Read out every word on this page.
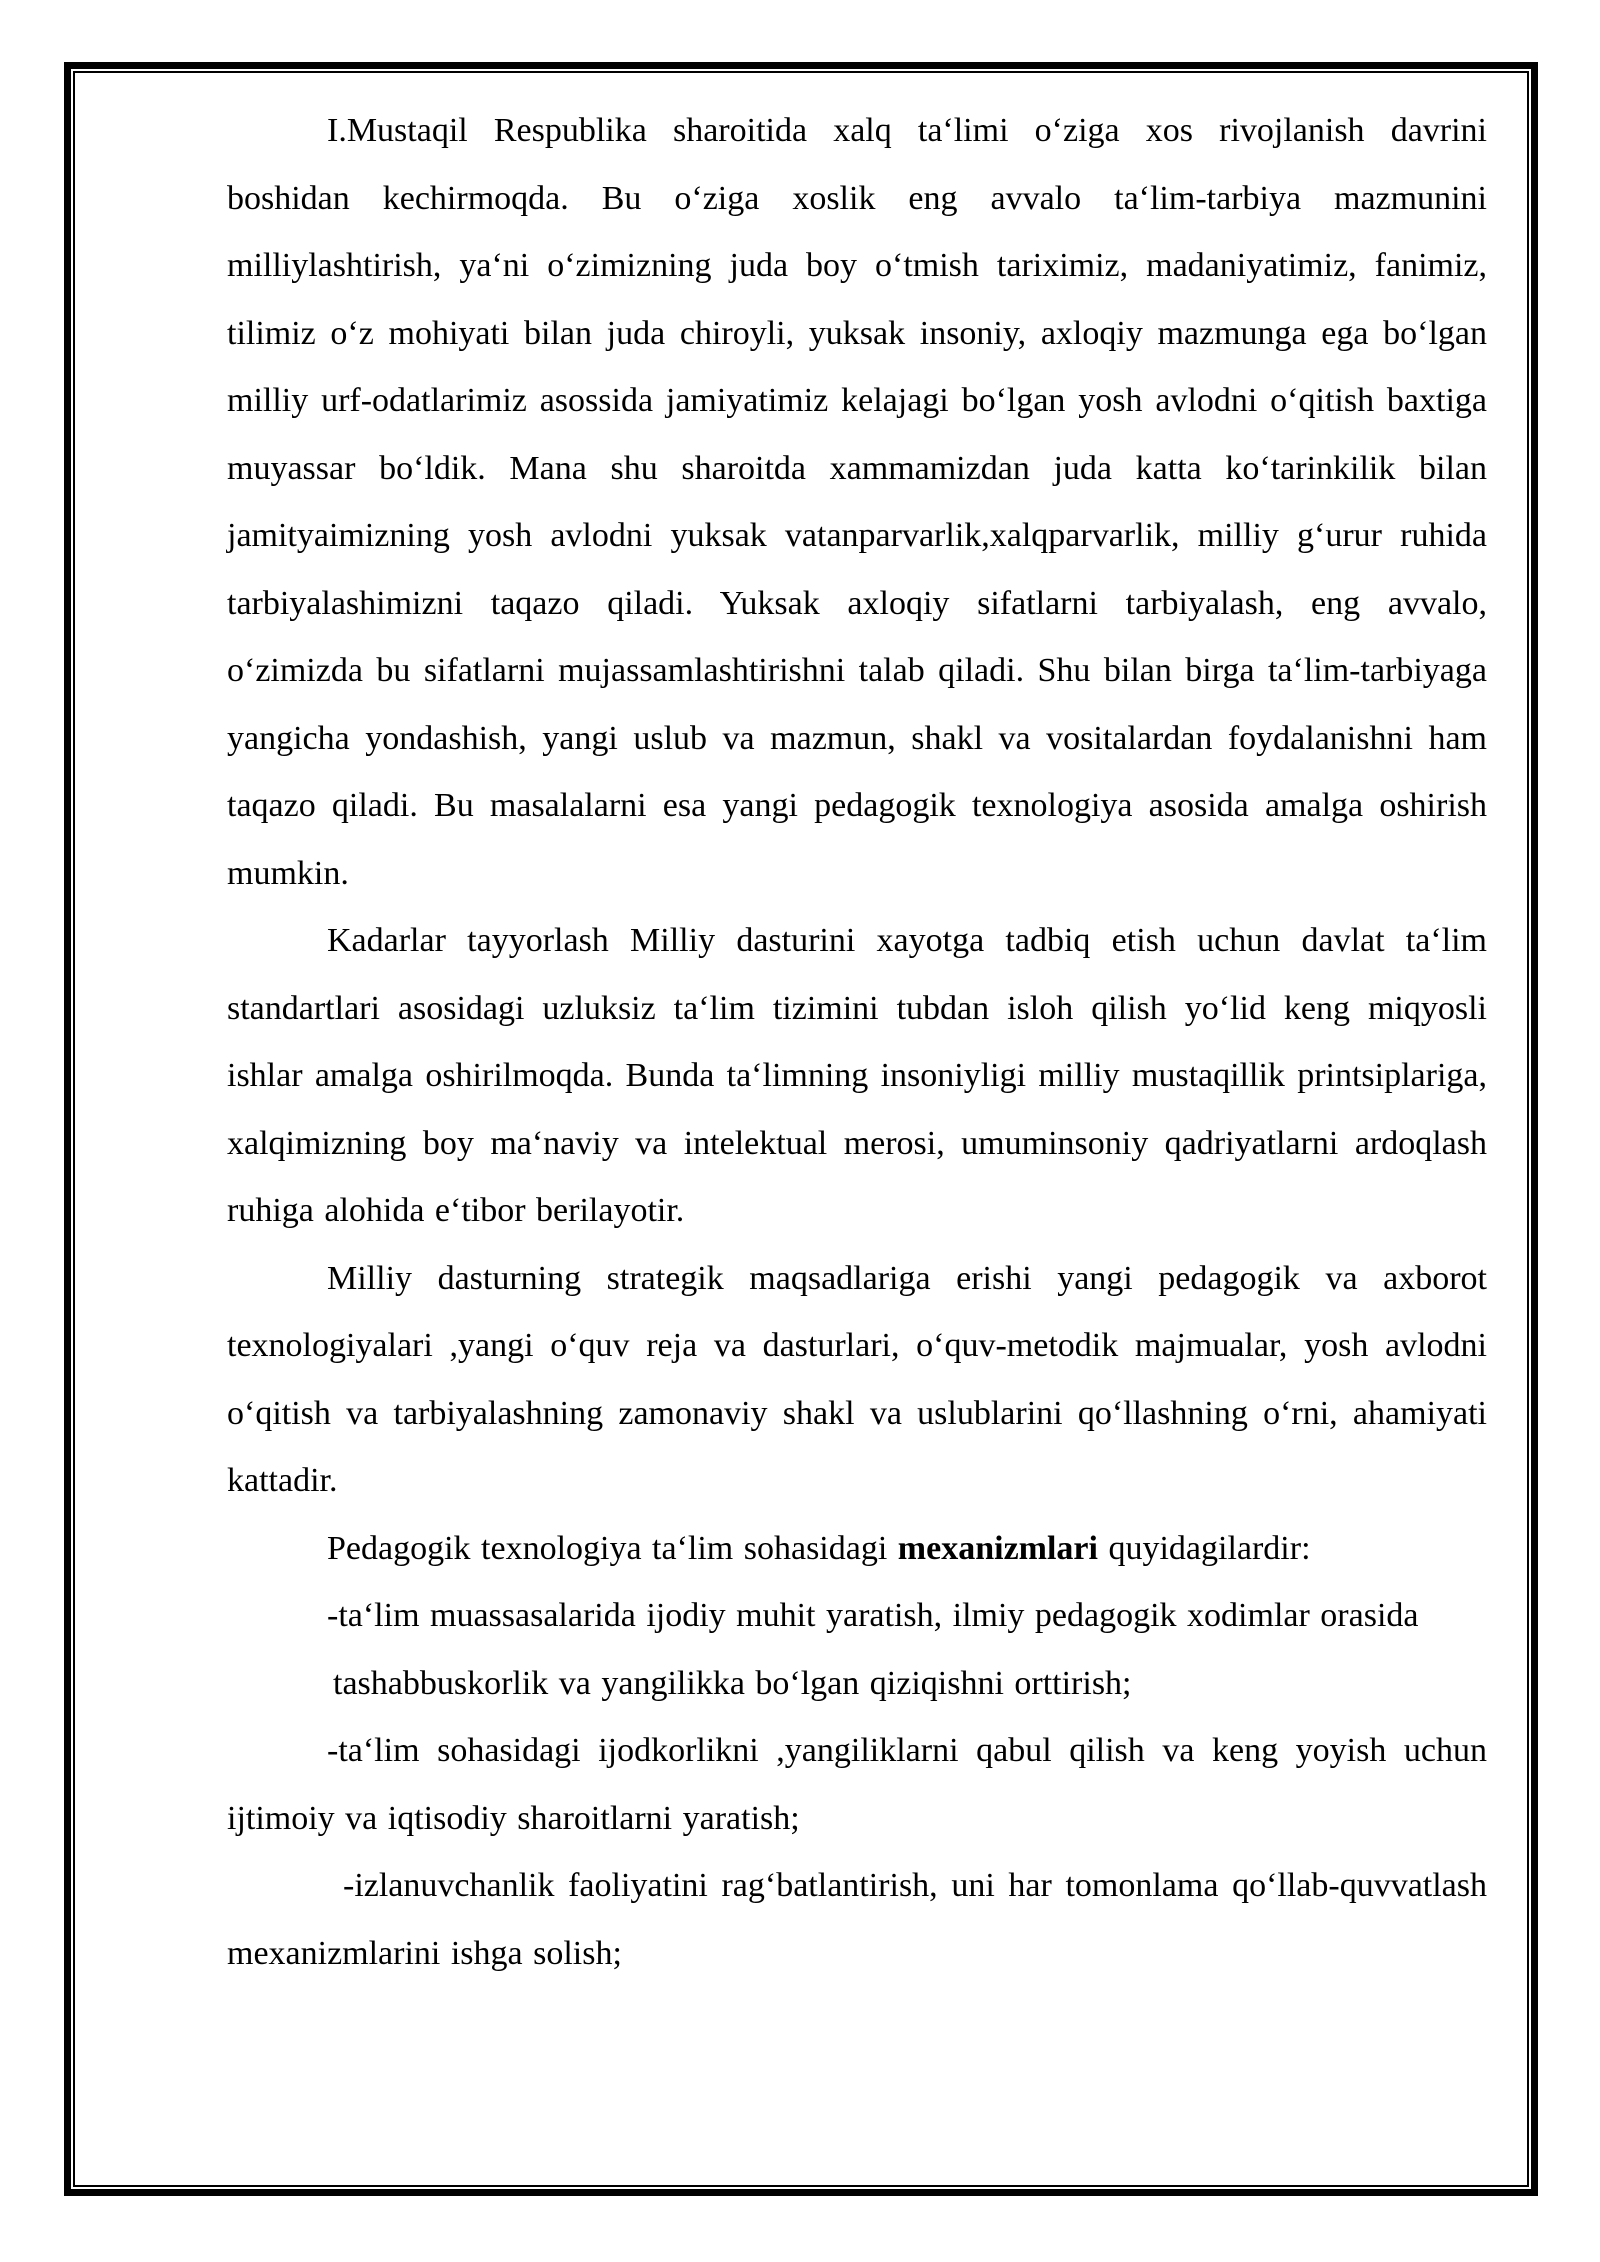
I.Mustaqil Respublika sharoitida xalq ta‘limi o‘ziga xos rivojlanish davrini boshidan kechirmoqda. Bu o‘ziga xoslik eng avvalo ta‘lim-tarbiya mazmunini milliylashtirish, ya‘ni o‘zimizning juda boy o‘tmish tariximiz, madaniyatimiz, fanimiz, tilimiz o‘z mohiyati bilan juda chiroyli, yuksak insoniy, axloqiy mazmunga ega bo‘lgan milliy urf-odatlarimiz asossida jamiyatimiz kelajagi bo‘lgan yosh avlodni o‘qitish baxtiga muyassar bo‘ldik. Mana shu sharoitda xammamizdan juda katta ko‘tarinkilik bilan jamityaimizning yosh avlodni yuksak vatanparvarlik,xalqparvarlik, milliy g‘urur ruhida tarbiyalashimizni taqazo qiladi. Yuksak axloqiy sifatlarni tarbiyalash, eng avvalo, o‘zimizda bu sifatlarni mujassamlashtirishni talab qiladi. Shu bilan birga ta‘lim-tarbiyaga yangicha yondashish, yangi uslub va mazmun, shakl va vositalardan foydalanishni ham taqazo qiladi. Bu masalalarni esa yangi pedagogik texnologiya asosida amalga oshirish mumkin.

Kadarlar tayyorlash Milliy dasturini xayotga tadbiq etish uchun davlat ta‘lim standartlari asosidagi uzluksiz ta‘lim tizimini tubdan isloh qilish yo‘lid keng miqyosli ishlar amalga oshirilmoqda. Bunda ta‘limning insoniyligi milliy mustaqillik printsiplariga, xalqimizning boy ma‘naviy va intelektual merosi, umuminsoniy qadriyatlarni ardoqlash ruhiga alohida e‘tibor berilayotir.

Milliy dasturning strategik maqsadlariga erishi yangi pedagogik va axborot texnologiyalari ,yangi o‘quv reja va dasturlari, o‘quv-metodik majmualar, yosh avlodni o‘qitish va tarbiyalashning zamonaviy shakl va uslublarini qo‘llashning o‘rni, ahamiyati kattadir.

Pedagogik texnologiya ta‘lim sohasidagi mexanizmlari quyidagilardir:

-ta‘lim muassasalarida ijodiy muhit yaratish, ilmiy pedagogik xodimlar orasida

tashabbuskorlik va yangilikka bo‘lgan qiziqishni orttirish;

-ta‘lim sohasidagi ijodkorlikni ,yangiliklarni qabul qilish va keng yoyish uchun ijtimoiy va iqtisodiy sharoitlarni yaratish;

-izlanuvchanlik faoliyatini rag‘batlantirish, uni har tomonlama qo‘llab-quvvatlash mexanizmlarini ishga solish;
